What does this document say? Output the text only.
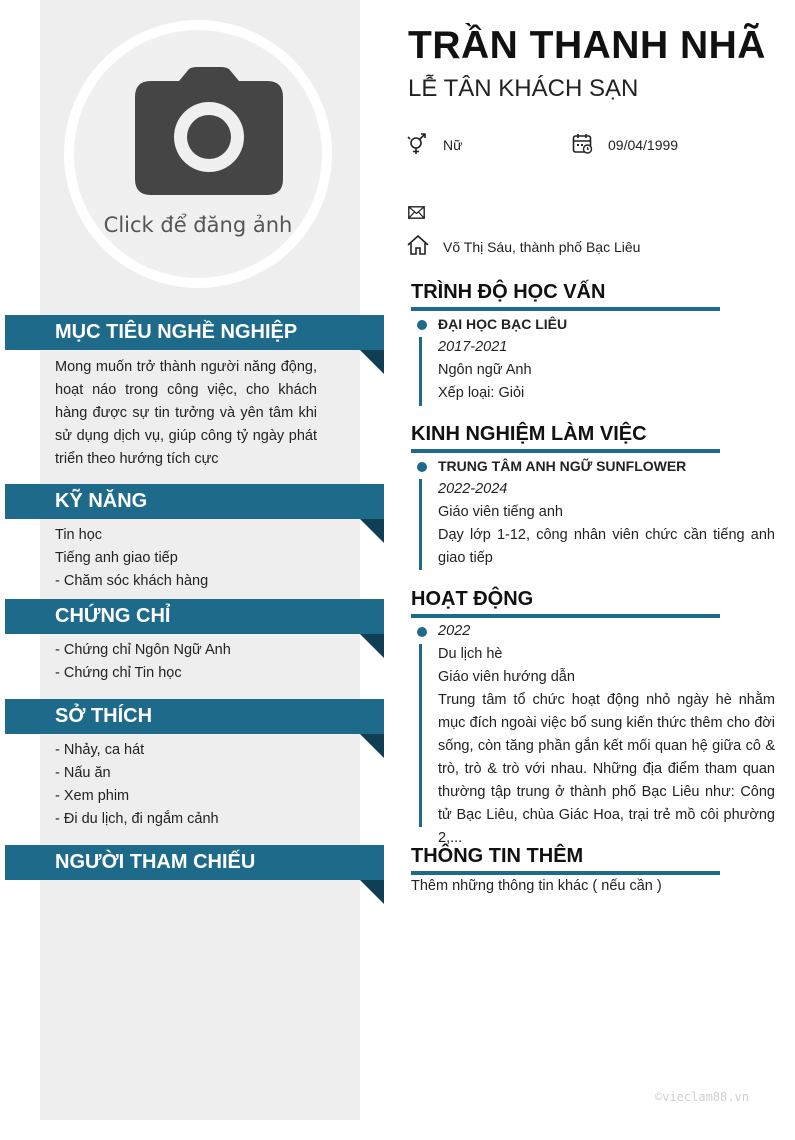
Click để đăng ảnh
MỤC TIÊU NGHỀ NGHIỆP
Mong muốn trở thành người năng động, hoạt náo trong công việc, cho khách hàng được sự tin tưởng và yên tâm khi sử dụng dịch vụ, giúp công tỷ ngày phát triển theo hướng tích cực
KỸ NĂNG
Tin học
Tiếng anh giao tiếp
- Chăm sóc khách hàng
CHỨNG CHỈ
- Chứng chỉ Ngôn Ngữ Anh
- Chứng chỉ Tin học
SỞ THÍCH
- Nhảy, ca hát
- Nấu ăn
- Xem phim
- Đi du lịch, đi ngắm cảnh
NGƯỜI THAM CHIẾU
TRẦN THANH NHÃ
LỄ TÂN KHÁCH SẠN
Nữ	09/04/1999
Võ Thị Sáu, thành phố Bạc Liêu
TRÌNH ĐỘ HỌC VẤN
ĐẠI HỌC BẠC LIÊU
2017-2021
Ngôn ngữ Anh
Xếp loại: Giỏi
KINH NGHIỆM LÀM VIỆC
TRUNG TÂM ANH NGỮ SUNFLOWER
2022-2024
Giáo viên tiếng anh
Dạy lớp 1-12, công nhân viên chức cần tiếng anh giao tiếp
HOẠT ĐỘNG
2022
Du lịch hè
Giáo viên hướng dẫn
Trung tâm tổ chức hoạt động nhỏ ngày hè nhằm mục đích ngoài việc bổ sung kiến thức thêm cho đời sống, còn tăng phần gắn kết mối quan hệ giữa cô & trò, trò & trò với nhau. Những địa điểm tham quan thường tập trung ở thành phố Bạc Liêu như: Công tử Bạc Liêu, chùa Giác Hoa, trại trẻ mồ côi phường 2,...
THÔNG TIN THÊM
Thêm những thông tin khác ( nếu cần )
©vieclam88.vn
